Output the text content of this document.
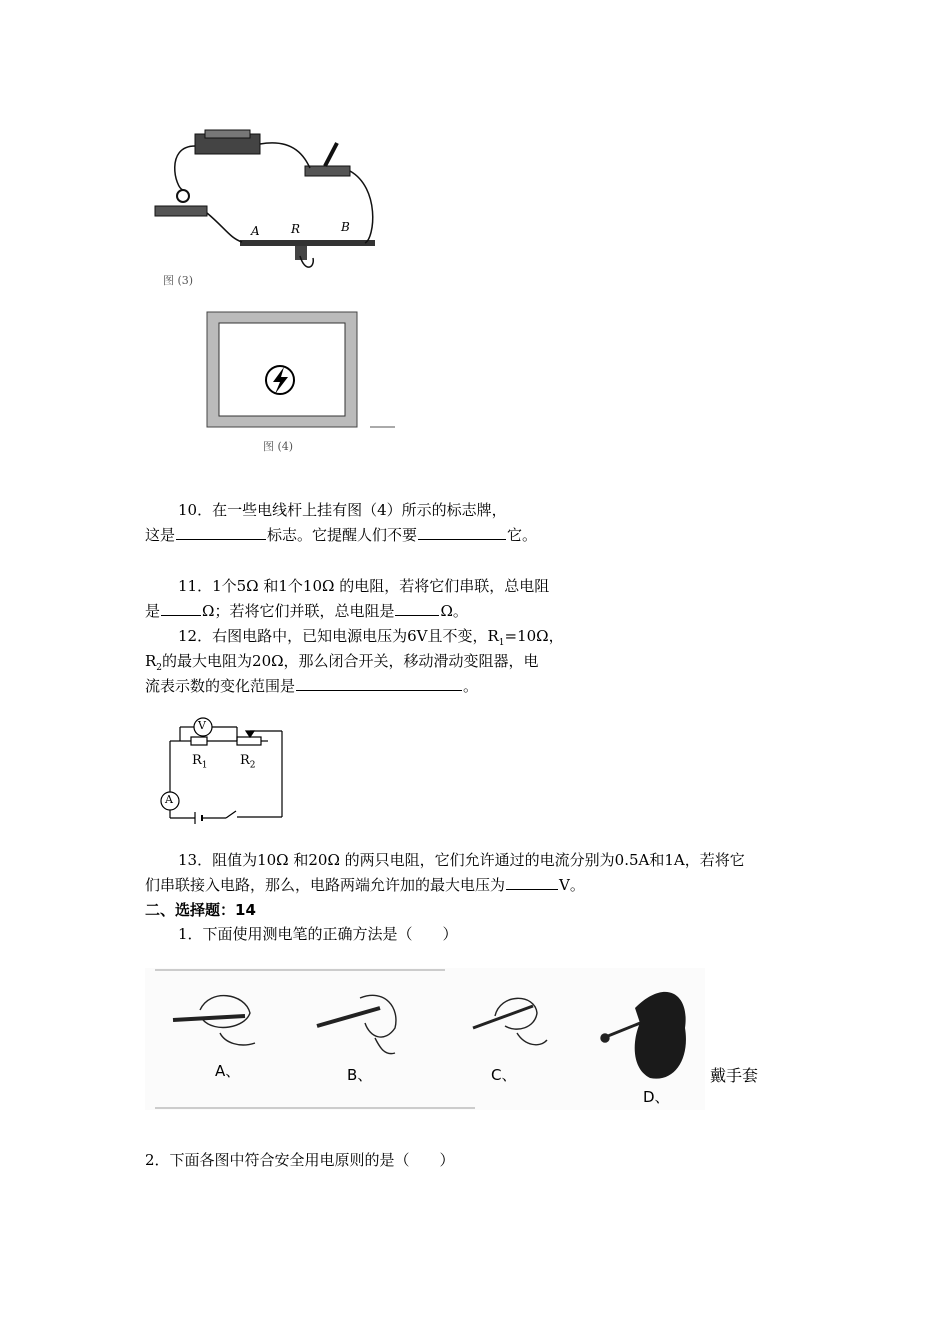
A	R	B
图 (3)
图 (4)
10．在一些电线杆上挂有图（4）所示的标志牌，
这是	标志。它提醒人们不要	它。
11．1个5Ω 和1个10Ω 的电阻，若将它们串联，总电阻
是	Ω；若将它们并联，总电阻是	Ω。
12．右图电路中，已知电源电压为6V且不变，$R_1=10\Omega$，
$R_2$的最大电阻为20Ω，那么闭合开关，移动滑动变阻器，电
流表示数的变化范围是	。
V
A
$R_1$ $R_2$
13．阻值为10Ω 和20Ω 的两只电阻，它们允许通过的电流分别为0.5A和1A，若将它
们串联接入电路，那么，电路两端允许加的最大电压为	V。
二、选择题：14
1．下面使用测电笔的正确方法是（　　）
A、	B、	C、
D、
戴手套
2．下面各图中符合安全用电原则的是（　　）
